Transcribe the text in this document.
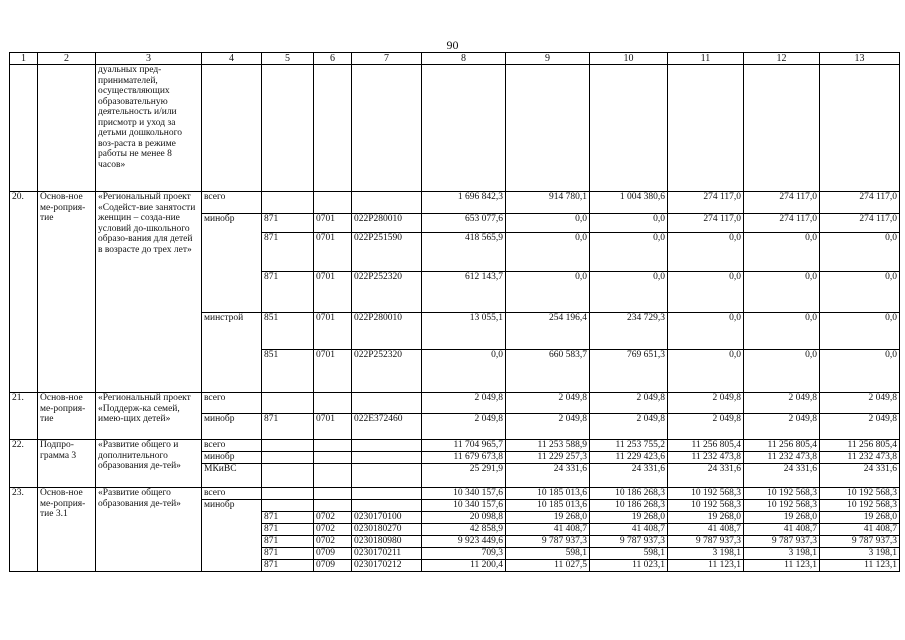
90
1	2	3	4	5	6	7	8	9	10	11	12	13
		дуальных пред-принимателей, осуществляющих образовательную деятельность и/или присмотр и уход за детьми дошкольного воз-раста в режиме работы не менее 8 часов»										
20.	Основ-ное ме-роприя-тие	«Региональный проект «Содейст-вие занятости женщин – созда-ние условий до-школьного образо-вания для детей в возрасте до трех лет»	всего				1 696 842,3	914 780,1	1 004 380,6	274 117,0	274 117,0	274 117,0
			минобр	871	0701	022P280010	653 077,6	0,0	0,0	274 117,0	274 117,0	274 117,0
				871	0701	022P251590	418 565,9	0,0	0,0	0,0	0,0	0,0
				871	0701	022P252320	612 143,7	0,0	0,0	0,0	0,0	0,0
			минстрой	851	0701	022P280010	13 055,1	254 196,4	234 729,3	0,0	0,0	0,0
				851	0701	022P252320	0,0	660 583,7	769 651,3	0,0	0,0	0,0
21.	Основ-ное ме-роприя-тие	«Региональный проект «Поддерж-ка семей, имею-щих детей»	всего				2 049,8	2 049,8	2 049,8	2 049,8	2 049,8	2 049,8
			минобр	871	0701	022E372460	2 049,8	2 049,8	2 049,8	2 049,8	2 049,8	2 049,8
22.	Подпро-грамма 3	«Развитие общего и дополнительного образования де-тей»	всего				11 704 965,7	11 253 588,9	11 253 755,2	11 256 805,4	11 256 805,4	11 256 805,4
			минобр				11 679 673,8	11 229 257,3	11 229 423,6	11 232 473,8	11 232 473,8	11 232 473,8
			МКиВС				25 291,9	24 331,6	24 331,6	24 331,6	24 331,6	24 331,6
23.	Основ-ное ме-роприя-тие 3.1	«Развитие общего образования де-тей»	всего				10 340 157,6	10 185 013,6	10 186 268,3	10 192 568,3	10 192 568,3	10 192 568,3
			минобр				10 340 157,6	10 185 013,6	10 186 268,3	10 192 568,3	10 192 568,3	10 192 568,3
				871	0702	0230170100	20 098,8	19 268,0	19 268,0	19 268,0	19 268,0	19 268,0
				871	0702	0230180270	42 858,9	41 408,7	41 408,7	41 408,7	41 408,7	41 408,7
				871	0702	0230180980	9 923 449,6	9 787 937,3	9 787 937,3	9 787 937,3	9 787 937,3	9 787 937,3
				871	0709	0230170211	709,3	598,1	598,1	3 198,1	3 198,1	3 198,1
				871	0709	0230170212	11 200,4	11 027,5	11 023,1	11 123,1	11 123,1	11 123,1
